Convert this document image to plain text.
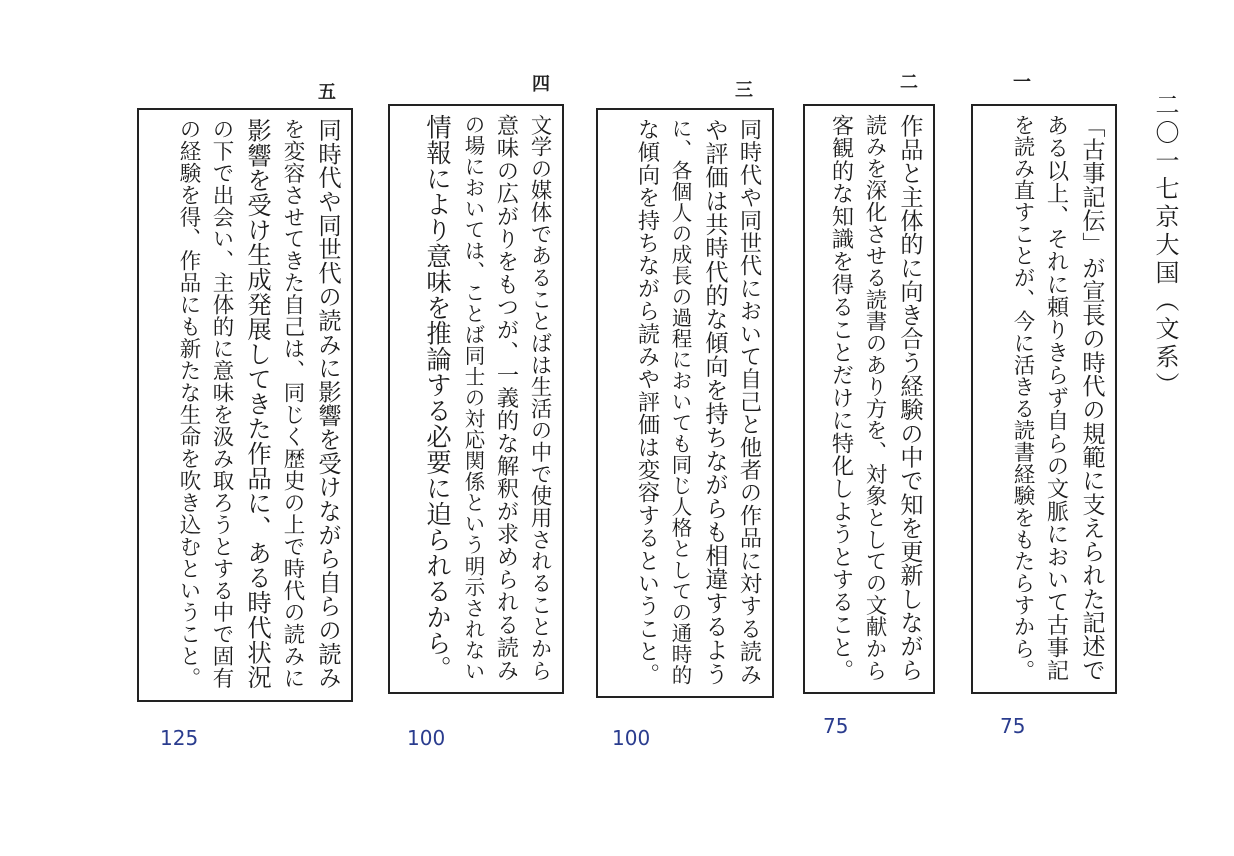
二〇一七京大国（文系）
一
「古事記伝」が宣長の時代の規範に支えられた記述で
ある以上、それに頼りきらず自らの文脈において古事記
を読み直すことが、今に活きる読書経験をもたらすから。
75
二
作品と主体的に向き合う経験の中で知を更新しながら
読みを深化させる読書のあり方を、対象としての文献から
客観的な知識を得ることだけに特化しようとすること。
75
三
同時代や同世代において自己と他者の作品に対する読み
や評価は共時代的な傾向を持ちながらも相違するよう
に、各個人の成長の過程においても同じ人格としての通時的
な傾向を持ちながら読みや評価は変容するということ。
100
四
文学の媒体であることばは生活の中で使用されることから
意味の広がりをもつが、一義的な解釈が求められる読み
の場においては、ことば同士の対応関係という明示されない
情報により意味を推論する必要に迫られるから。
100
五
同時代や同世代の読みに影響を受けながら自らの読み
を変容させてきた自己は、同じく歴史の上で時代の読みに
影響を受け生成発展してきた作品に、ある時代状況
の下で出会い、主体的に意味を汲み取ろうとする中で固有
の経験を得、作品にも新たな生命を吹き込むということ。
125
